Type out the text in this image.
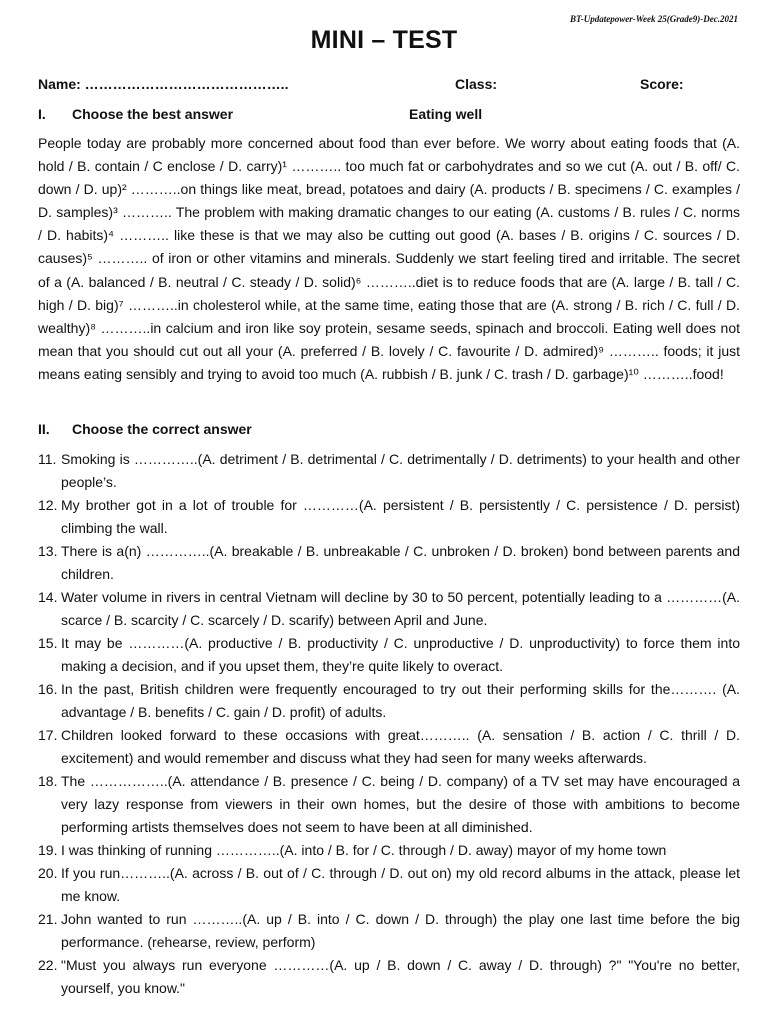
BT-Updatepower-Week 25(Grade9)-Dec.2021
MINI – TEST
Name: ……………………………………..	Class:	Score:
I. Choose the best answer	Eating well
People today are probably more concerned about food than ever before. We worry about eating foods that (A. hold / B. contain / C enclose / D. carry)¹ ……….. too much fat or carbohydrates and so we cut (A. out / B. off/ C. down / D. up)² ………..on things like meat, bread, potatoes and dairy (A. products / B. specimens / C. examples / D. samples)³ ……….. The problem with making dramatic changes to our eating (A. customs / B. rules / C. norms / D. habits)⁴ ……….. like these is that we may also be cutting out good (A. bases / B. origins / C. sources / D. causes)⁵ ……….. of iron or other vitamins and minerals. Suddenly we start feeling tired and irritable. The secret of a (A. balanced / B. neutral / C. steady / D. solid)⁶ ………..diet is to reduce foods that are (A. large / B. tall / C. high / D. big)⁷ ………..in cholesterol while, at the same time, eating those that are (A. strong / B. rich / C. full / D. wealthy)⁸ ………..in calcium and iron like soy protein, sesame seeds, spinach and broccoli. Eating well does not mean that you should cut out all your (A. preferred / B. lovely / C. favourite / D. admired)⁹ ……….. foods; it just means eating sensibly and trying to avoid too much (A. rubbish / B. junk / C. trash / D. garbage)¹⁰ ………..food!
II. Choose the correct answer
11. Smoking is …………..(A. detriment / B. detrimental / C. detrimentally / D. detriments) to your health and other people’s.
12. My brother got in a lot of trouble for …………(A. persistent / B. persistently / C. persistence / D. persist) climbing the wall.
13. There is a(n) …………..(A. breakable / B. unbreakable / C. unbroken / D. broken) bond between parents and children.
14. Water volume in rivers in central Vietnam will decline by 30 to 50 percent, potentially leading to a …………(A. scarce / B. scarcity / C. scarcely / D. scarify) between April and June.
15. It may be …………(A. productive / B. productivity / C. unproductive / D. unproductivity) to force them into making a decision, and if you upset them, they’re quite likely to overact.
16. In the past, British children were frequently encouraged to try out their performing skills for the………. (A. advantage / B. benefits / C. gain / D. profit) of adults.
17. Children looked forward to these occasions with great……….. (A. sensation / B. action / C. thrill / D. excitement) and would remember and discuss what they had seen for many weeks afterwards.
18. The ……………..(A. attendance / B. presence / C. being / D. company) of a TV set may have encouraged a very lazy response from viewers in their own homes, but the desire of those with ambitions to become performing artists themselves does not seem to have been at all diminished.
19. I was thinking of running …………..(A. into / B. for / C. through / D. away) mayor of my home town
20. If you run………..(A. across / B. out of / C. through / D. out on) my old record albums in the attack, please let me know.
21. John wanted to run ………..(A. up / B. into / C. down / D. through) the play one last time before the big performance. (rehearse, review, perform)
22. "Must you always run everyone …………(A. up / B. down / C. away / D. through) ?" "You're no better, yourself, you know."
